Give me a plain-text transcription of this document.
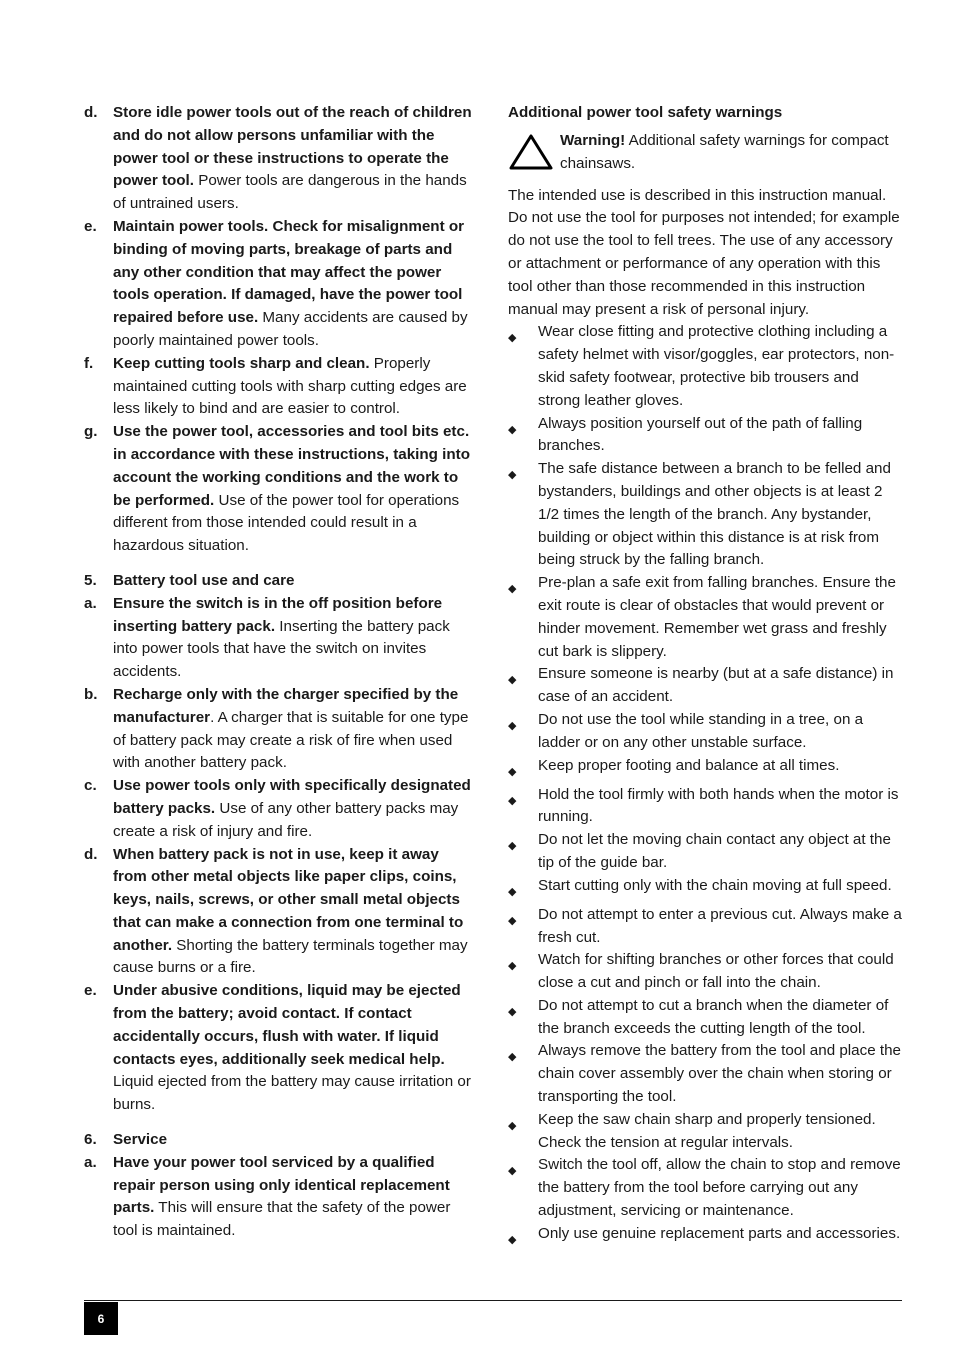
d.	Store idle power tools out of the reach of children and do not allow persons unfamiliar with the power tool or these instructions to operate the power tool. Power tools are dangerous in the hands of untrained users.
e.	Maintain power tools. Check for misalignment or binding of moving parts, breakage of parts and any other condition that may affect the power tools operation. If damaged, have the power tool repaired before use. Many accidents are caused by poorly maintained power tools.
f.	Keep cutting tools sharp and clean. Properly maintained cutting tools with sharp cutting edges are less likely to bind and are easier to control.
g.	Use the power tool, accessories and tool bits etc. in accordance with these instructions, taking into account the working conditions and the work to be performed. Use of the power tool for operations different from those intended could result in a hazardous situation.
5.	Battery tool use and care
a.	Ensure the switch is in the off position before inserting battery pack. Inserting the battery pack into power tools that have the switch on invites accidents.
b.	Recharge only with the charger specified by the manufacturer. A charger that is suitable for one type of battery pack may create a risk of fire when used with another battery pack.
c.	Use power tools only with specifically designated battery packs. Use of any other battery packs may create a risk of injury and fire.
d.	When battery pack is not in use, keep it away from other metal objects like paper clips, coins, keys, nails, screws, or other small metal objects that can make a connection from one terminal to another. Shorting the battery terminals together may cause burns or a fire.
e.	Under abusive conditions, liquid may be ejected from the battery; avoid contact. If contact accidentally occurs, flush with water. If liquid contacts eyes, additionally seek medical help. Liquid ejected from the battery may cause irritation or burns.
6.	Service
a.	Have your power tool serviced by a qualified repair person using only identical replacement parts. This will ensure that the safety of the power tool is maintained.
Additional power tool safety warnings
Warning! Additional safety warnings for compact chainsaws.
The intended use is described in this instruction manual. Do not use the tool for purposes not intended; for example do not use the tool to fell trees. The use of any accessory or attachment or performance of any operation with this tool other than those recommended in this instruction manual may present a risk of personal injury.
◆	Wear close fitting and protective clothing including a safety helmet with visor/goggles, ear protectors, non-skid safety footwear, protective bib trousers and strong leather gloves.
◆	Always position yourself out of the path of falling branches.
◆	The safe distance between a branch to be felled and bystanders, buildings and other objects is at least 2 1/2 times the length of the branch. Any bystander, building or object within this distance is at risk from being struck by the falling branch.
◆	Pre-plan a safe exit from falling branches. Ensure the exit route is clear of obstacles that would prevent or hinder movement. Remember wet grass and freshly cut bark is slippery.
◆	Ensure someone is nearby (but at a safe distance) in case of an accident.
◆	Do not use the tool while standing in a tree, on a ladder or on any other unstable surface.
◆	Keep proper footing and balance at all times.
◆	Hold the tool firmly with both hands when the motor is running.
◆	Do not let the moving chain contact any object at the tip of the guide bar.
◆	Start cutting only with the chain moving at full speed.
◆	Do not attempt to enter a previous cut. Always make a fresh cut.
◆	Watch for shifting branches or other forces that could close a cut and pinch or fall into the chain.
◆	Do not attempt to cut a branch when the diameter of the branch exceeds the cutting length of the tool.
◆	Always remove the battery from the tool and place the chain cover assembly over the chain when storing or transporting the tool.
◆	Keep the saw chain sharp and properly tensioned. Check the tension at regular intervals.
◆	Switch the tool off, allow the chain to stop and remove the battery from the tool before carrying out any adjustment, servicing or maintenance.
◆	Only use genuine replacement parts and accessories.
6
